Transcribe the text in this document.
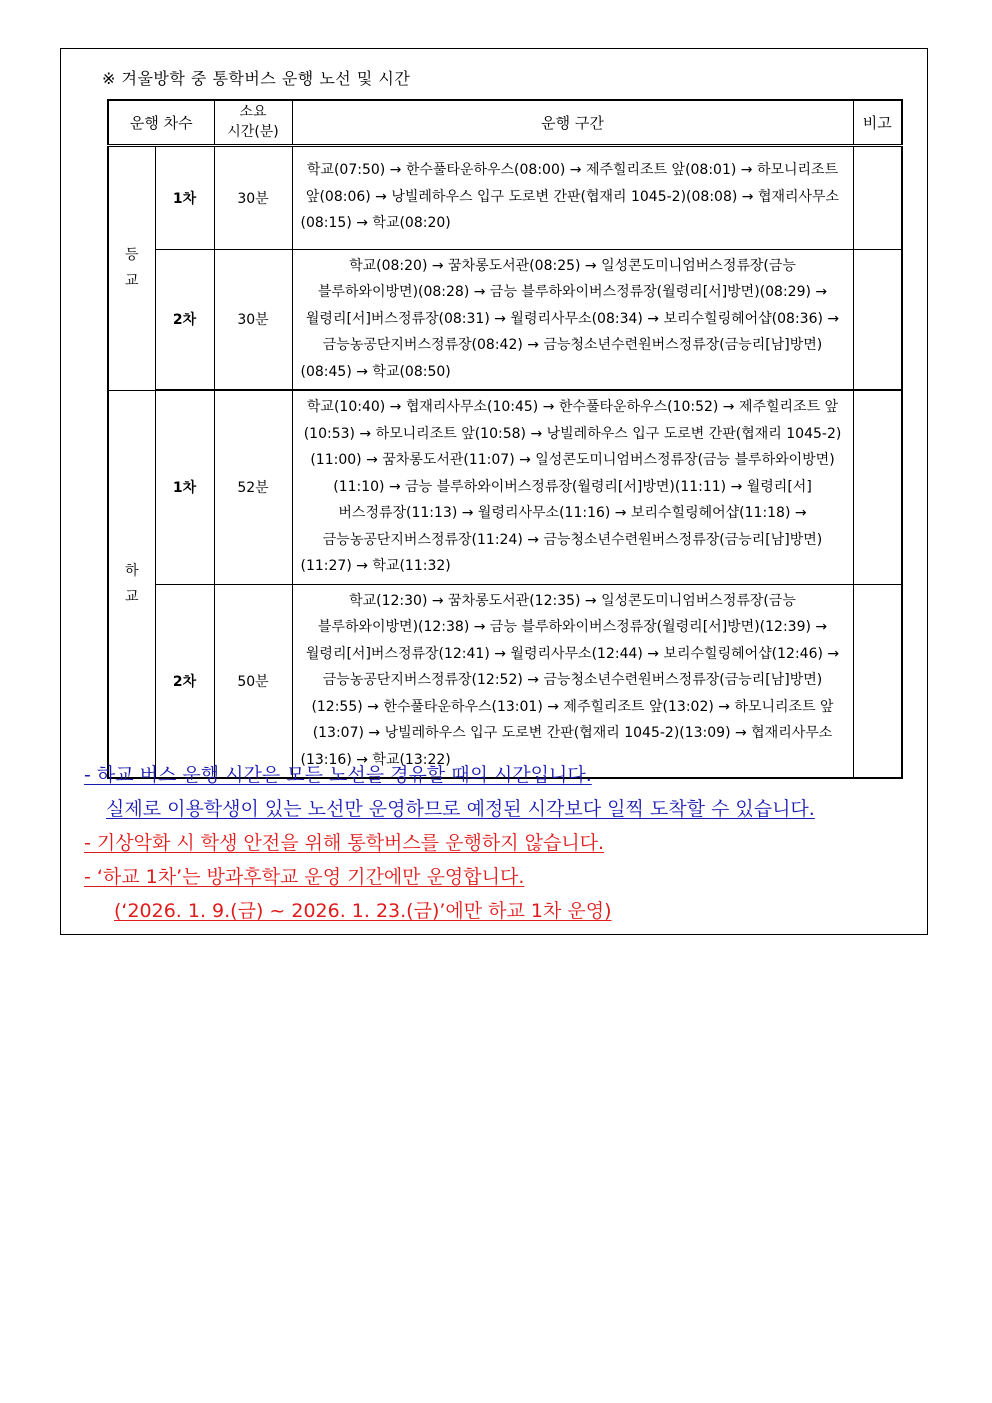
※ 겨울방학 중 통학버스 운행 노선 및 시간
운행 차수		소요
시간(분)	운행 구간	비고

등
교	1차	30분	학교(07:50) → 한수풀타운하우스(08:00) → 제주힐리조트 앞(08:01) → 하모니리조트 앞(08:06) → 낭빌레하우스 입구 도로변 간판(협재리 1045-2)(08:08) → 협재리사무소(08:15) → 학교(08:20)	
	2차	30분	학교(08:20) → 꿈차롱도서관(08:25) → 일성콘도미니엄버스정류장(금능 블루하와이방면)(08:28) → 금능 블루하와이버스정류장(월령리[서]방면)(08:29) → 월령리[서]버스정류장(08:31) → 월령리사무소(08:34) → 보리수힐링헤어샵(08:36) → 금능농공단지버스정류장(08:42) → 금능청소년수련원버스정류장(금능리[남]방면)(08:45) → 학교(08:50)	

하
교	1차	52분	학교(10:40) → 협재리사무소(10:45) → 한수풀타운하우스(10:52) → 제주힐리조트 앞(10:53) → 하모니리조트 앞(10:58) → 낭빌레하우스 입구 도로변 간판(협재리 1045-2)(11:00) → 꿈차롱도서관(11:07) → 일성콘도미니엄버스정류장(금능 블루하와이방면)(11:10) → 금능 블루하와이버스정류장(월령리[서]방면)(11:11) → 월령리[서]버스정류장(11:13) → 월령리사무소(11:16) → 보리수힐링헤어샵(11:18) → 금능농공단지버스정류장(11:24) → 금능청소년수련원버스정류장(금능리[남]방면)(11:27) → 학교(11:32)	
	2차	50분	학교(12:30) → 꿈차롱도서관(12:35) → 일성콘도미니엄버스정류장(금능 블루하와이방면)(12:38) → 금능 블루하와이버스정류장(월령리[서]방면)(12:39) → 월령리[서]버스정류장(12:41) → 월령리사무소(12:44) → 보리수힐링헤어샵(12:46) → 금능농공단지버스정류장(12:52) → 금능청소년수련원버스정류장(금능리[남]방면)(12:55) → 한수풀타운하우스(13:01) → 제주힐리조트 앞(13:02) → 하모니리조트 앞(13:07) → 낭빌레하우스 입구 도로변 간판(협재리 1045-2)(13:09) → 협재리사무소(13:16) → 학교(13:22)	
- 하교 버스 운행 시간은 모든 노선을 경유할 때의 시간입니다.
실제로 이용학생이 있는 노선만 운영하므로 예정된 시각보다 일찍 도착할 수 있습니다.
- 기상악화 시 학생 안전을 위해 통학버스를 운행하지 않습니다.
- ‘하교 1차’는 방과후학교 운영 기간에만 운영합니다.
(‘2026. 1. 9.(금) ~ 2026. 1. 23.(금)’에만 하교 1차 운영)
